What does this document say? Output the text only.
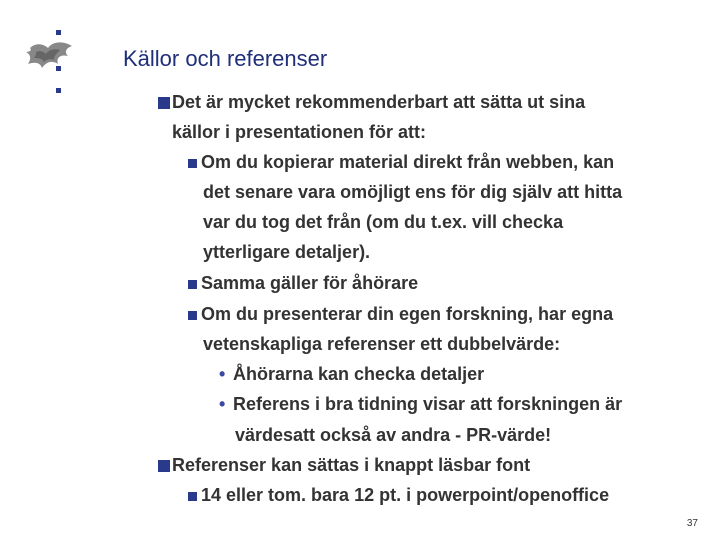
Källor och referenser
Det är mycket rekommenderbart att sätta ut sina
källor i presentationen för att:
Om du kopierar material direkt från webben, kan
det senare vara omöjligt ens för dig själv att hitta
var du tog det från (om du t.ex. vill checka
ytterligare detaljer).
Samma gäller för åhörare
Om du presenterar din egen forskning, har egna
vetenskapliga referenser ett dubbelvärde:
• Åhörarna kan checka detaljer
• Referens i bra tidning visar att forskningen är
värdesatt också av andra - PR-värde!
Referenser kan sättas i knappt läsbar font
14 eller tom. bara 12 pt. i powerpoint/openoffice
37
